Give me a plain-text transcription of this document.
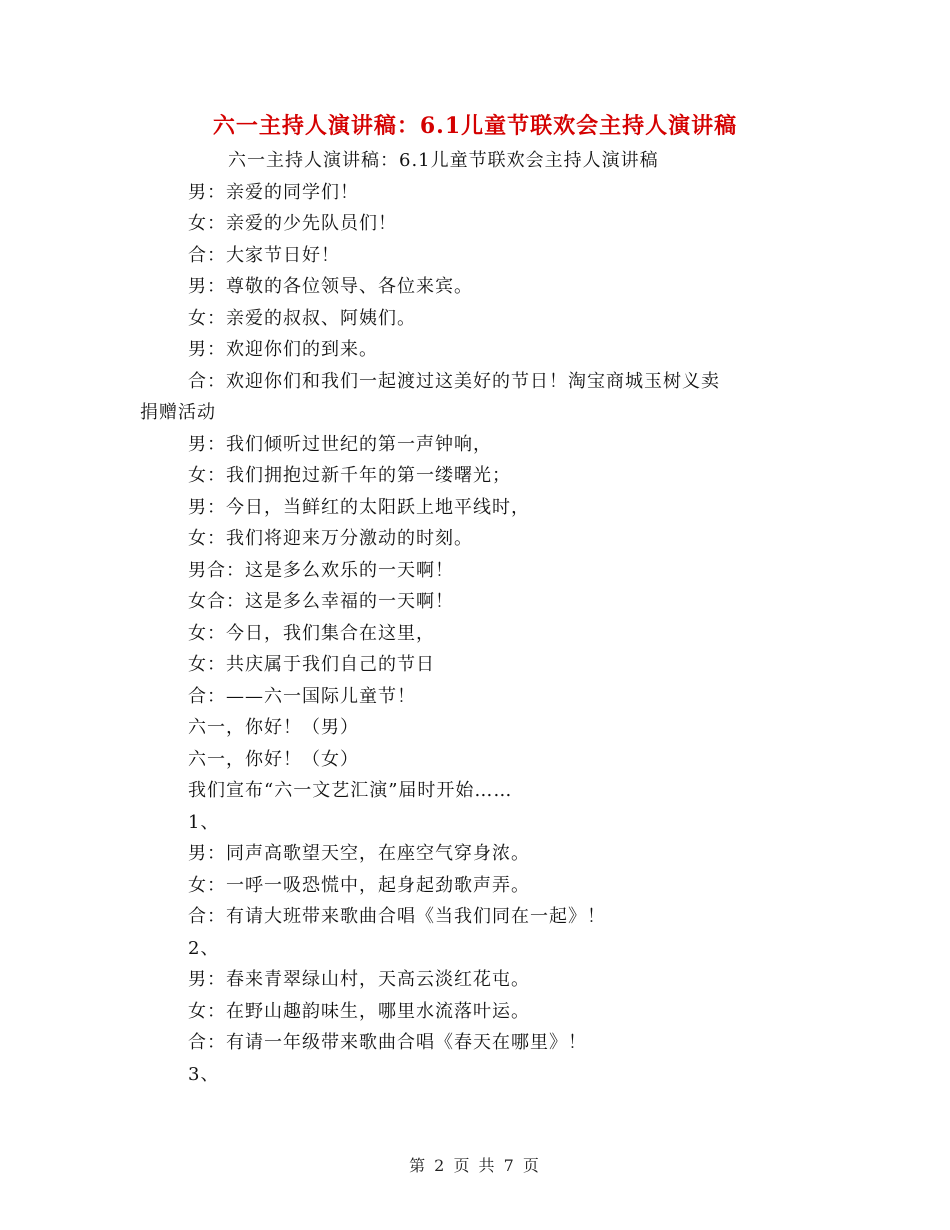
六一主持人演讲稿：6.1儿童节联欢会主持人演讲稿
六一主持人演讲稿：6.1儿童节联欢会主持人演讲稿
男：亲爱的同学们！
女：亲爱的少先队员们！
合：大家节日好！
男：尊敬的各位领导、各位来宾。
女：亲爱的叔叔、阿姨们。
男：欢迎你们的到来。
合：欢迎你们和我们一起渡过这美好的节日！淘宝商城玉树义卖
捐赠活动
男：我们倾听过世纪的第一声钟响，
女：我们拥抱过新千年的第一缕曙光；
男：今日，当鲜红的太阳跃上地平线时，
女：我们将迎来万分激动的时刻。
男合：这是多么欢乐的一天啊！
女合：这是多么幸福的一天啊！
女：今日，我们集合在这里，
女：共庆属于我们自己的节日
合：——六一国际儿童节！
六一，你好！（男）
六一，你好！（女）
我们宣布“六一文艺汇演”届时开始……
1、
男：同声高歌望天空，在座空气穿身浓。
女：一呼一吸恐慌中，起身起劲歌声弄。
合：有请大班带来歌曲合唱《当我们同在一起》！
2、
男：春来青翠绿山村，天高云淡红花屯。
女：在野山趣韵味生，哪里水流落叶运。
合：有请一年级带来歌曲合唱《春天在哪里》！
3、
第 2 页 共 7 页
